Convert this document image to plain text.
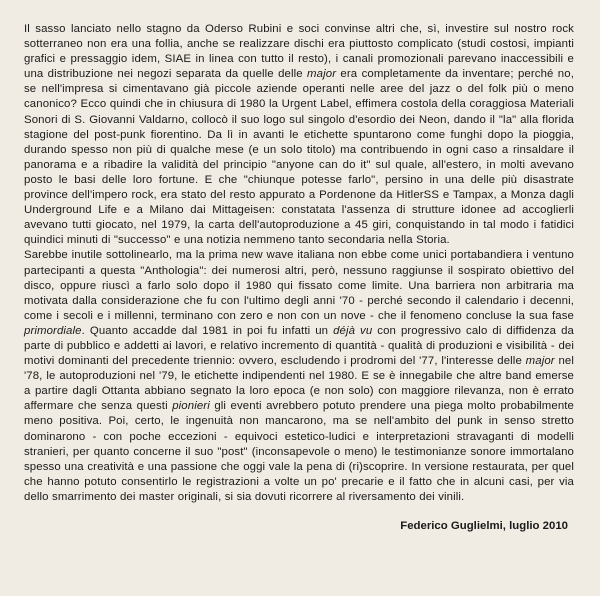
Il sasso lanciato nello stagno da Oderso Rubini e soci convinse altri che, sì, investire sul nostro rock sotterraneo non era una follia, anche se realizzare dischi era piuttosto complicato (studi costosi, impianti grafici e pressaggio idem, SIAE in linea con tutto il resto), i canali promozionali parevano inaccessibili e una distribuzione nei negozi separata da quelle delle major era completamente da inventare; perché no, se nell'impresa si cimentavano già piccole aziende operanti nelle aree del jazz o del folk più o meno canonico? Ecco quindi che in chiusura di 1980 la Urgent Label, effimera costola della coraggiosa Materiali Sonori di S. Giovanni Valdarno, collocò il suo logo sul singolo d'esordio dei Neon, dando il "la" alla florida stagione del post-punk fiorentino. Da lì in avanti le etichette spuntarono come funghi dopo la pioggia, durando spesso non più di qualche mese (e un solo titolo) ma contribuendo in ogni caso a rinsaldare il panorama e a ribadire la validità del principio "anyone can do it" sul quale, all'estero, in molti avevano posto le basi delle loro fortune. E che "chiunque potesse farlo", persino in una delle più disastrate province dell'impero rock, era stato del resto appurato a Pordenone da HitlerSS e Tampax, a Monza dagli Underground Life e a Milano dai Mittageisen: constatata l'assenza di strutture idonee ad accoglierli avevano tutti giocato, nel 1979, la carta dell'autoproduzione a 45 giri, conquistando in tal modo i fatidici quindici minuti di "successo" e una notizia nemmeno tanto secondaria nella Storia.

Sarebbe inutile sottolinearlo, ma la prima new wave italiana non ebbe come unici portabandiera i ventuno partecipanti a questa "Anthologia": dei numerosi altri, però, nessuno raggiunse il sospirato obiettivo del disco, oppure riuscì a farlo solo dopo il 1980 qui fissato come limite. Una barriera non arbitraria ma motivata dalla considerazione che fu con l'ultimo degli anni '70 - perché secondo il calendario i decenni, come i secoli e i millenni, terminano con zero e non con un nove - che il fenomeno concluse la sua fase primordiale. Quanto accadde dal 1981 in poi fu infatti un déjà vu con progressivo calo di diffidenza da parte di pubblico e addetti ai lavori, e relativo incremento di quantità - qualità di produzioni e visibilità - dei motivi dominanti del precedente triennio: ovvero, escludendo i prodromi del '77, l'interesse delle major nel '78, le autoproduzioni nel '79, le etichette indipendenti nel 1980. E se è innegabile che altre band emerse a partire dagli Ottanta abbiano segnato la loro epoca (e non solo) con maggiore rilevanza, non è errato affermare che senza questi pionieri gli eventi avrebbero potuto prendere una piega molto probabilmente meno positiva. Poi, certo, le ingenuità non mancarono, ma se nell'ambito del punk in senso stretto dominarono - con poche eccezioni - equivoci estetico-ludici e interpretazioni stravaganti di modelli stranieri, per quanto concerne il suo "post" (inconsapevole o meno) le testimonianze sonore immortalano spesso una creatività e una passione che oggi vale la pena di (ri)scoprire. In versione restaurata, per quel che hanno potuto consentirlo le registrazioni a volte un po' precarie e il fatto che in alcuni casi, per via dello smarrimento dei master originali, si sia dovuti ricorrere al riversamento dei vinili.

Federico Guglielmi, luglio 2010
